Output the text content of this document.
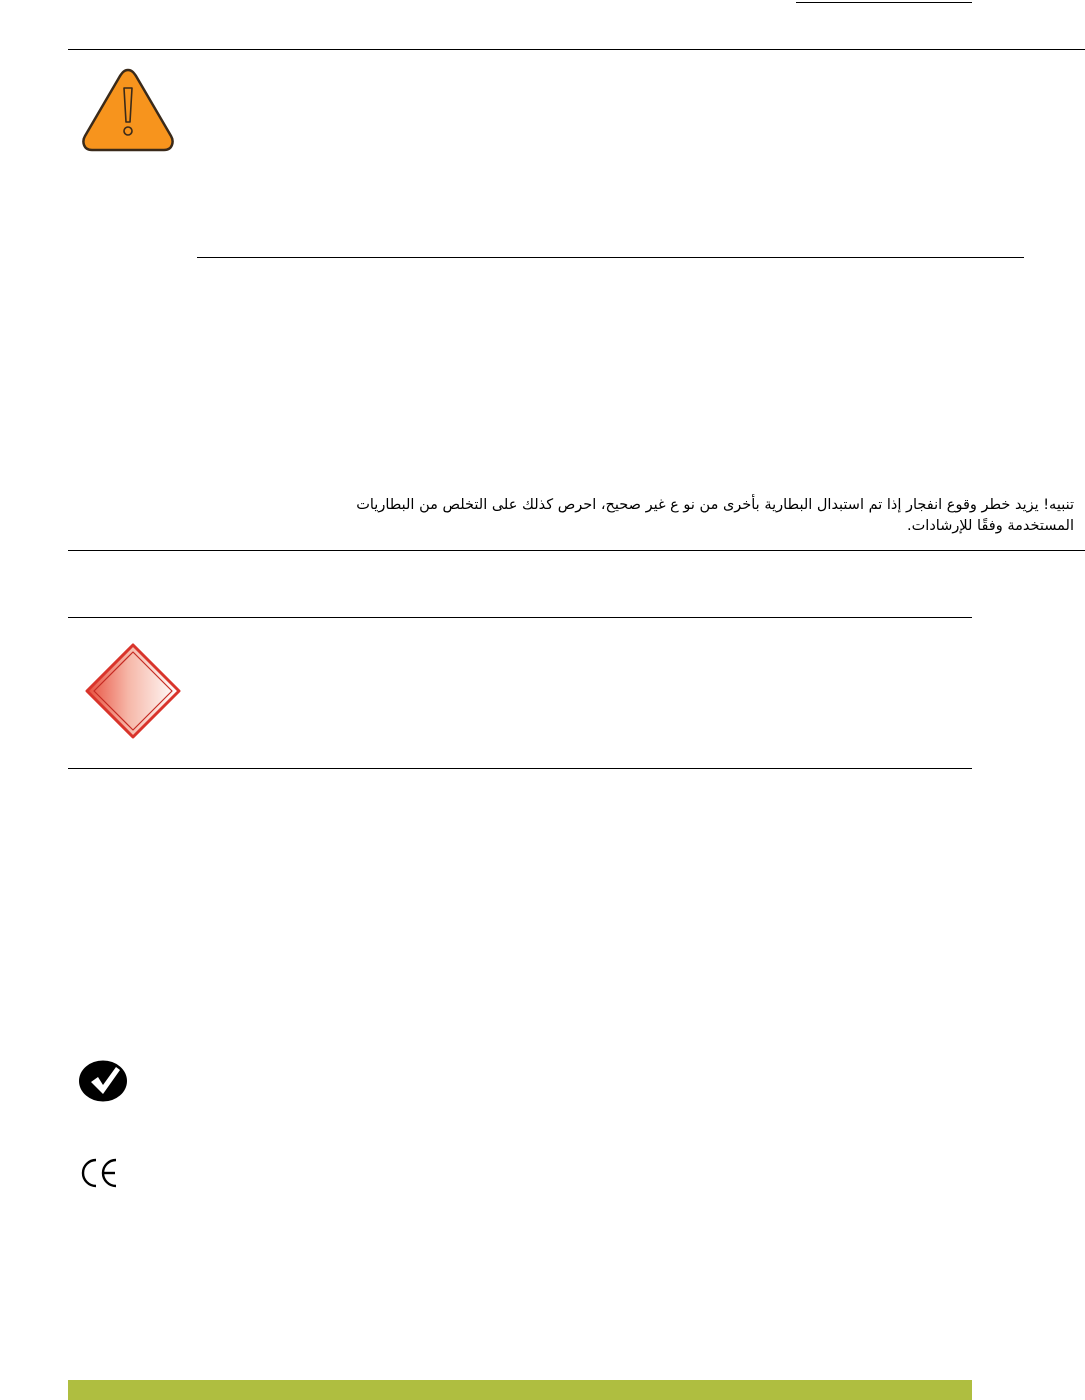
تنبيه! يزيد خطر وقوع انفجار إذا تم استبدال البطارية بأخرى من نو ع غير صحيح، احرص كذلك على التخلص من البطاريات المستخدمة وفقًا للإرشادات.
